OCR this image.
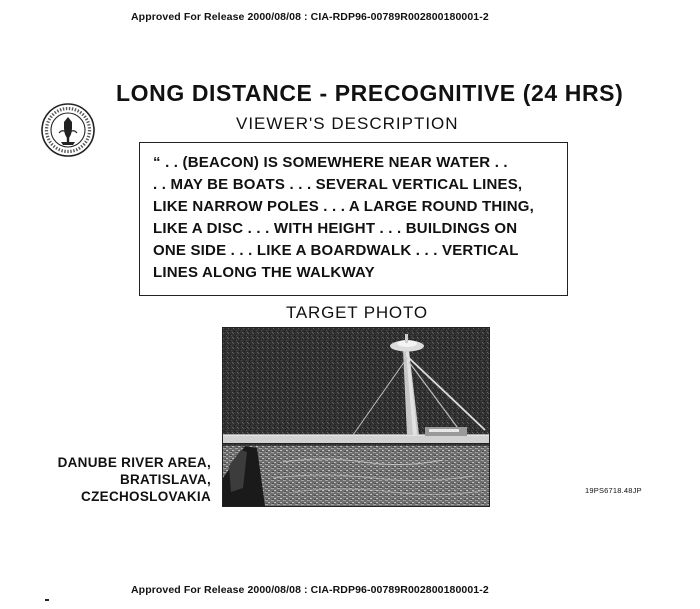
Approved For Release 2000/08/08 : CIA-RDP96-00789R002800180001-2
LONG DISTANCE - PRECOGNITIVE (24 HRS)
VIEWER'S DESCRIPTION
“ . . (BEACON) IS SOMEWHERE NEAR WATER . .
. . MAY BE BOATS . . . SEVERAL VERTICAL LINES,
LIKE NARROW POLES . . . A LARGE ROUND THING,
LIKE A DISC . . . WITH HEIGHT . . . BUILDINGS ON
ONE SIDE . . . LIKE A BOARDWALK . . . VERTICAL
LINES ALONG THE WALKWAY
TARGET PHOTO
DANUBE RIVER AREA,
BRATISLAVA,
CZECHOSLOVAKIA	19PS6718.48JP
Approved For Release 2000/08/08 : CIA-RDP96-00789R002800180001-2
